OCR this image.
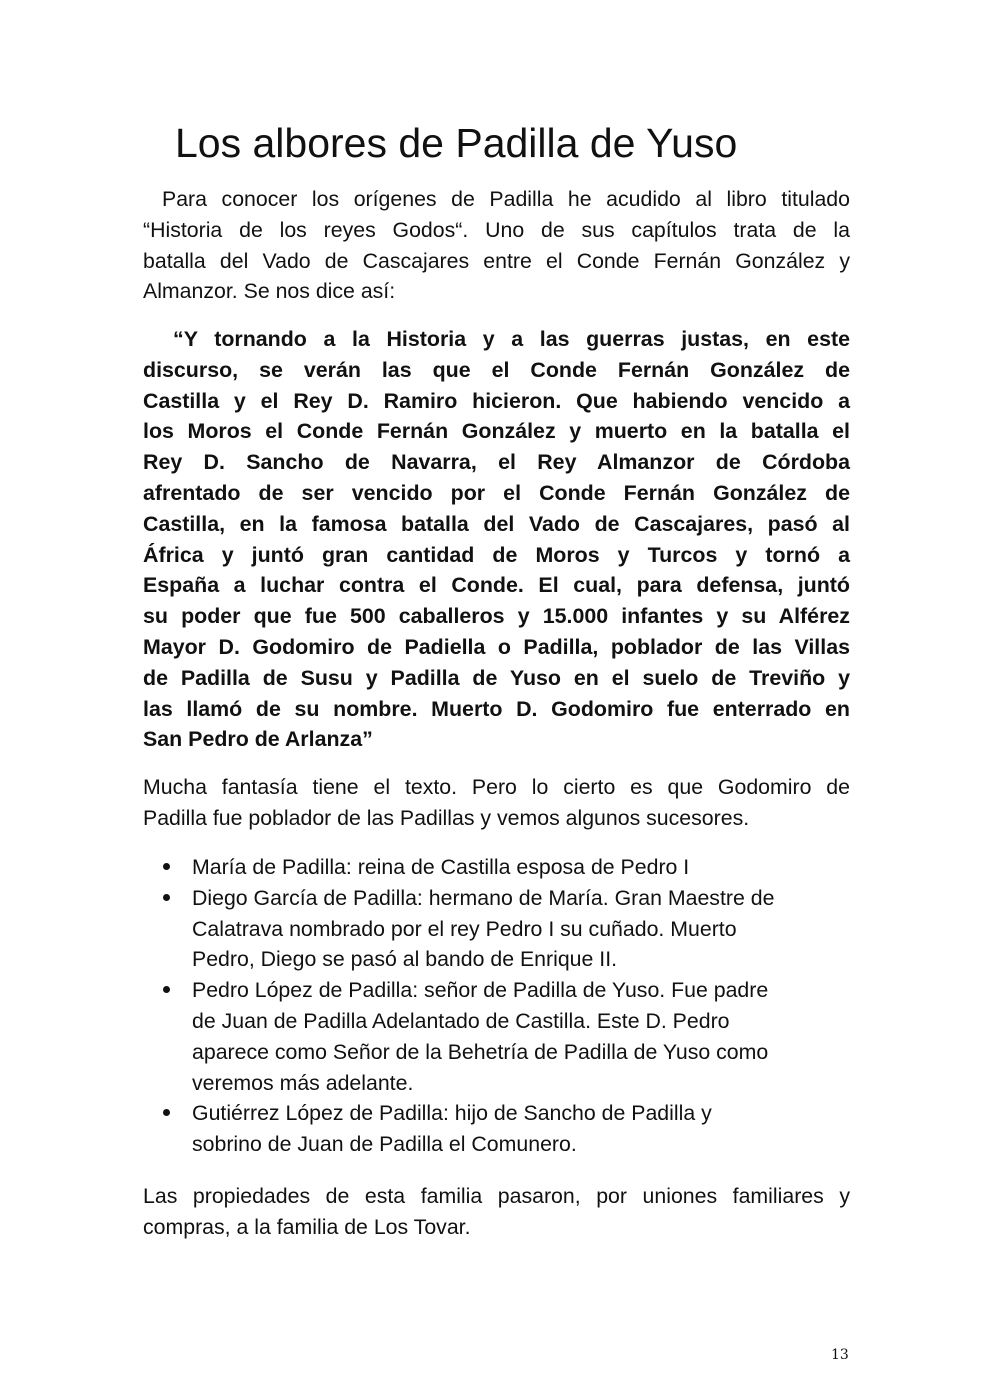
Los albores de Padilla de Yuso
Para conocer los orígenes de Padilla he acudido al libro titulado
“Historia de los reyes Godos“. Uno de sus capítulos trata de la
batalla del Vado de Cascajares entre el Conde Fernán González y
Almanzor. Se nos dice así:
“Y tornando a la Historia y a las guerras justas, en este
discurso, se verán las que el Conde Fernán González de
Castilla y el Rey D. Ramiro hicieron. Que habiendo vencido a
los Moros el Conde Fernán González y muerto en la batalla el
Rey D. Sancho de Navarra, el Rey Almanzor de Córdoba
afrentado de ser vencido por el Conde Fernán González de
Castilla, en la famosa batalla del Vado de Cascajares, pasó al
África y juntó gran cantidad de Moros y Turcos y tornó a
España a luchar contra el Conde. El cual, para defensa, juntó
su poder que fue 500 caballeros y 15.000 infantes y su Alférez
Mayor D. Godomiro de Padiella o Padilla, poblador de las Villas
de Padilla de Susu y Padilla de Yuso en el suelo de Treviño y
las llamó de su nombre. Muerto D. Godomiro fue enterrado en
San Pedro de Arlanza”
Mucha fantasía tiene el texto. Pero lo cierto es que Godomiro de
Padilla fue poblador de las Padillas y vemos algunos sucesores.
María de Padilla: reina de Castilla esposa de Pedro I
Diego García de Padilla: hermano de María. Gran Maestre de
Calatrava nombrado por el rey Pedro I su cuñado. Muerto
Pedro, Diego se pasó al bando de Enrique II.
Pedro López de Padilla: señor de Padilla de Yuso. Fue padre
de Juan de Padilla Adelantado de Castilla. Este D. Pedro
aparece como Señor de la Behetría de Padilla de Yuso como
veremos más adelante.
Gutiérrez López de Padilla: hijo de Sancho de Padilla y
sobrino de Juan de Padilla el Comunero.
Las propiedades de esta familia pasaron, por uniones familiares y
compras, a la familia de Los Tovar.
13
